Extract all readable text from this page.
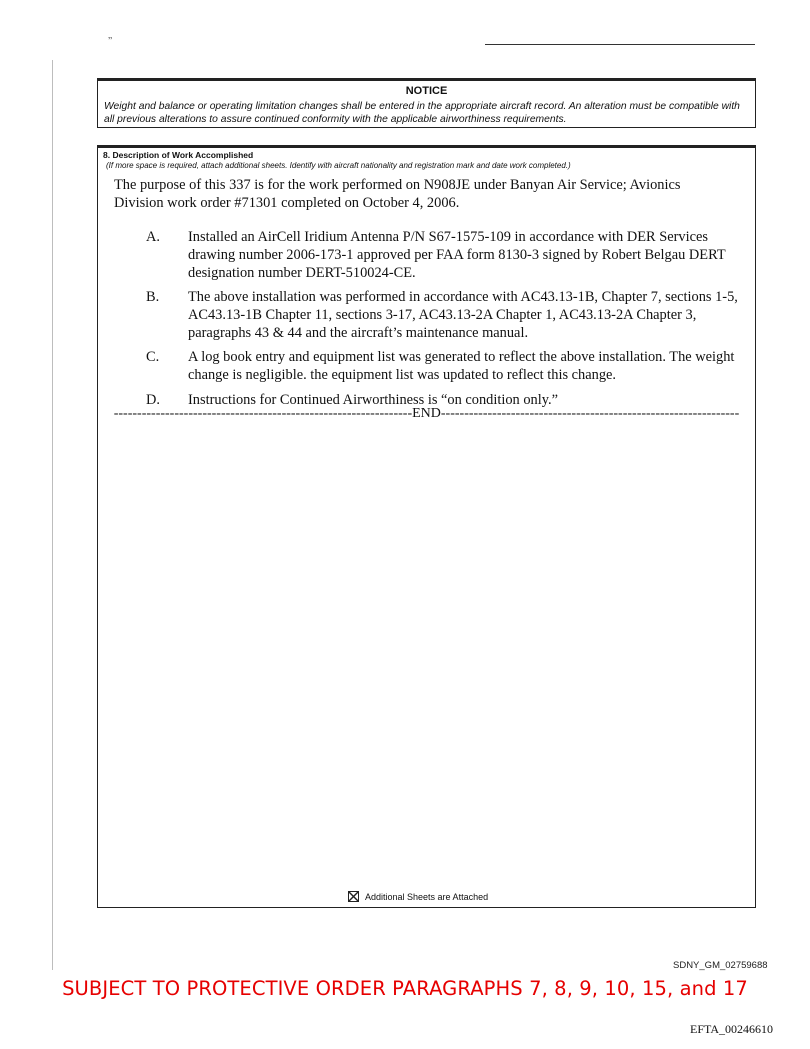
’’
NOTICE
Weight and balance or operating limitation changes shall be entered in the appropriate aircraft record. An alteration must be compatible with all previous alterations to assure continued conformity with the applicable airworthiness requirements.
8. Description of Work Accomplished
(If more space is required, attach additional sheets. Identify with aircraft nationality and registration mark and date work completed.)
The purpose of this 337 is for the work performed on N908JE under Banyan Air Service; Avionics Division work order #71301 completed on October 4, 2006.
A. Installed an AirCell Iridium Antenna P/N S67-1575-109 in accordance with DER Services drawing number 2006-173-1 approved per FAA form 8130-3 signed by Robert Belgau DERT designation number DERT-510024-CE.
B. The above installation was performed in accordance with AC43.13-1B, Chapter 7, sections 1-5, AC43.13-1B Chapter 11, sections 3-17, AC43.13-2A Chapter 1, AC43.13-2A Chapter 3, paragraphs 43 & 44 and the aircraft’s maintenance manual.
C. A log book entry and equipment list was generated to reflect the above installation. The weight change is negligible. the equipment list was updated to reflect this change.
D. Instructions for Continued Airworthiness is “on condition only.”
----------------------------------------------------------------END----------------------------------------------------------------
Additional Sheets are Attached
SDNY_GM_02759688
SUBJECT TO PROTECTIVE ORDER PARAGRAPHS 7, 8, 9, 10, 15, and 17
EFTA_00246610
